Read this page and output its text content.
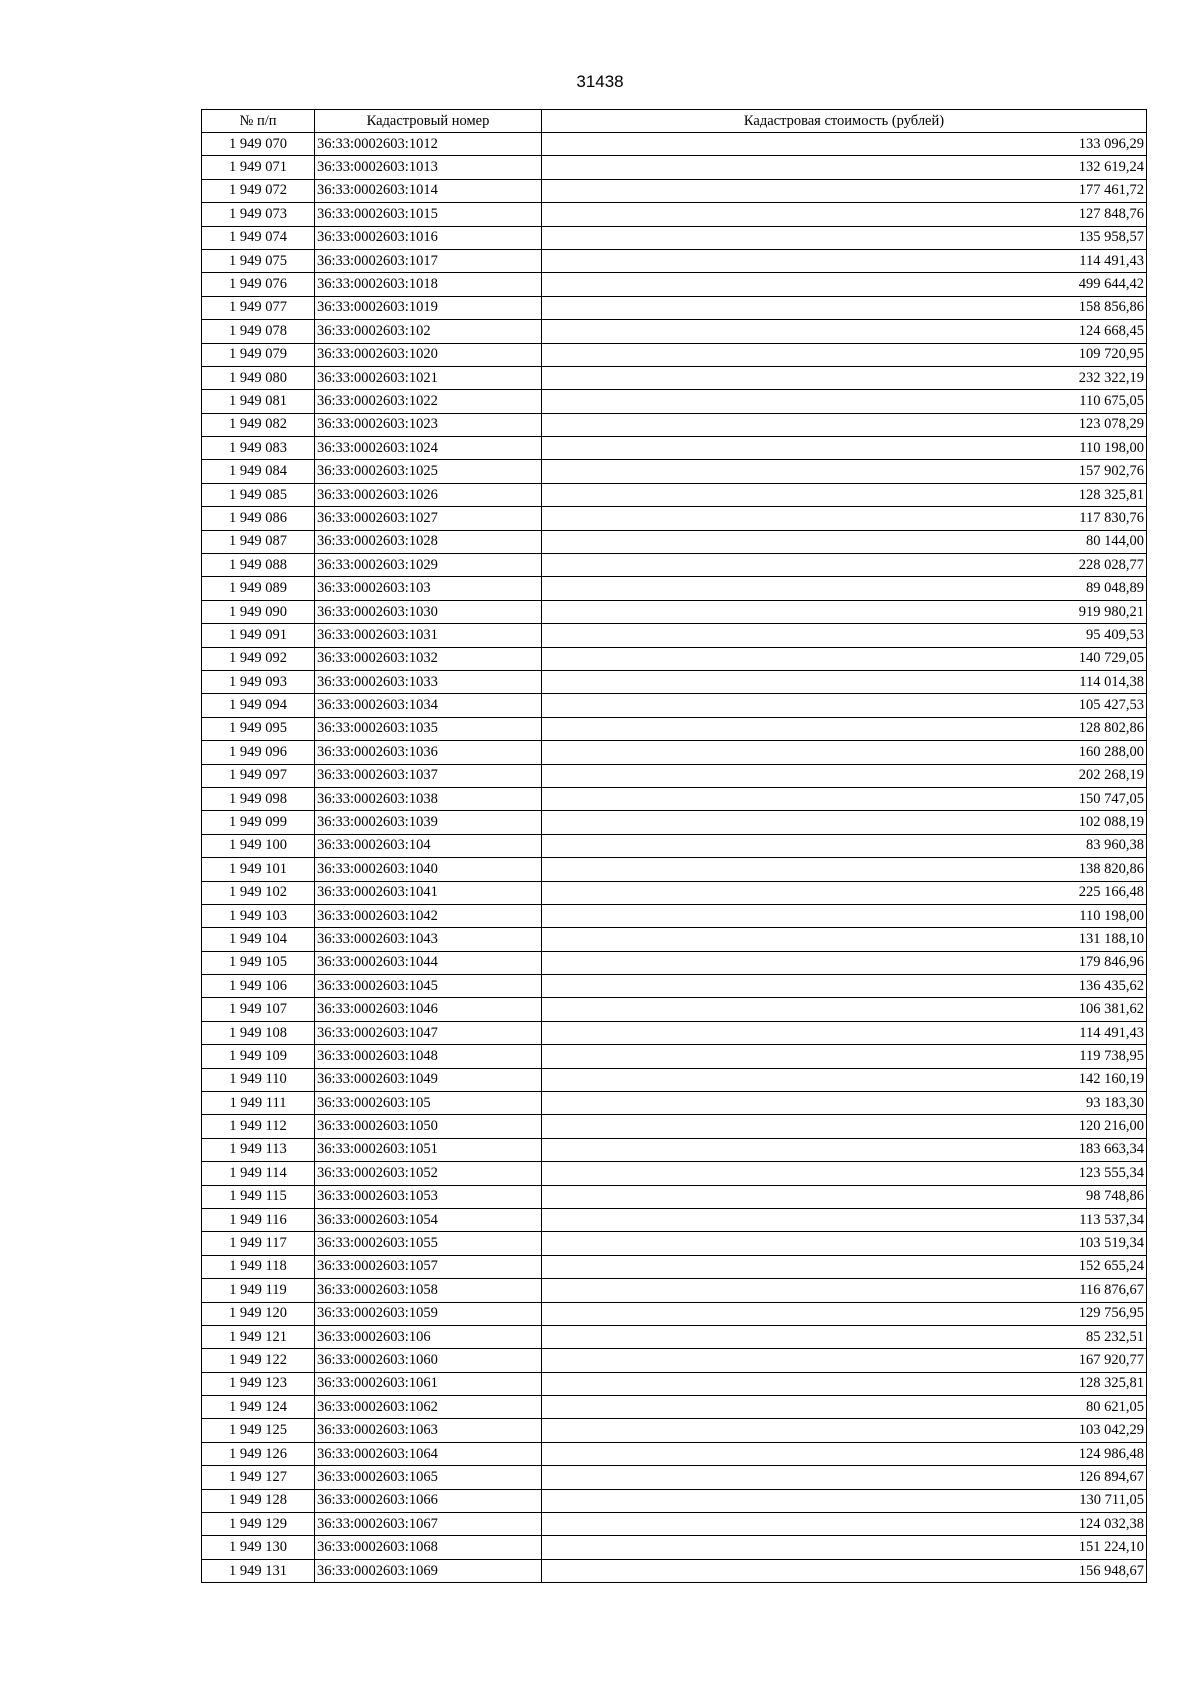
31438
№ п/п	Кадастровый номер	Кадастровая стоимость (рублей)
1 949 070	36:33:0002603:1012	133 096,29
1 949 071	36:33:0002603:1013	132 619,24
1 949 072	36:33:0002603:1014	177 461,72
1 949 073	36:33:0002603:1015	127 848,76
1 949 074	36:33:0002603:1016	135 958,57
1 949 075	36:33:0002603:1017	114 491,43
1 949 076	36:33:0002603:1018	499 644,42
1 949 077	36:33:0002603:1019	158 856,86
1 949 078	36:33:0002603:102	124 668,45
1 949 079	36:33:0002603:1020	109 720,95
1 949 080	36:33:0002603:1021	232 322,19
1 949 081	36:33:0002603:1022	110 675,05
1 949 082	36:33:0002603:1023	123 078,29
1 949 083	36:33:0002603:1024	110 198,00
1 949 084	36:33:0002603:1025	157 902,76
1 949 085	36:33:0002603:1026	128 325,81
1 949 086	36:33:0002603:1027	117 830,76
1 949 087	36:33:0002603:1028	80 144,00
1 949 088	36:33:0002603:1029	228 028,77
1 949 089	36:33:0002603:103	89 048,89
1 949 090	36:33:0002603:1030	919 980,21
1 949 091	36:33:0002603:1031	95 409,53
1 949 092	36:33:0002603:1032	140 729,05
1 949 093	36:33:0002603:1033	114 014,38
1 949 094	36:33:0002603:1034	105 427,53
1 949 095	36:33:0002603:1035	128 802,86
1 949 096	36:33:0002603:1036	160 288,00
1 949 097	36:33:0002603:1037	202 268,19
1 949 098	36:33:0002603:1038	150 747,05
1 949 099	36:33:0002603:1039	102 088,19
1 949 100	36:33:0002603:104	83 960,38
1 949 101	36:33:0002603:1040	138 820,86
1 949 102	36:33:0002603:1041	225 166,48
1 949 103	36:33:0002603:1042	110 198,00
1 949 104	36:33:0002603:1043	131 188,10
1 949 105	36:33:0002603:1044	179 846,96
1 949 106	36:33:0002603:1045	136 435,62
1 949 107	36:33:0002603:1046	106 381,62
1 949 108	36:33:0002603:1047	114 491,43
1 949 109	36:33:0002603:1048	119 738,95
1 949 110	36:33:0002603:1049	142 160,19
1 949 111	36:33:0002603:105	93 183,30
1 949 112	36:33:0002603:1050	120 216,00
1 949 113	36:33:0002603:1051	183 663,34
1 949 114	36:33:0002603:1052	123 555,34
1 949 115	36:33:0002603:1053	98 748,86
1 949 116	36:33:0002603:1054	113 537,34
1 949 117	36:33:0002603:1055	103 519,34
1 949 118	36:33:0002603:1057	152 655,24
1 949 119	36:33:0002603:1058	116 876,67
1 949 120	36:33:0002603:1059	129 756,95
1 949 121	36:33:0002603:106	85 232,51
1 949 122	36:33:0002603:1060	167 920,77
1 949 123	36:33:0002603:1061	128 325,81
1 949 124	36:33:0002603:1062	80 621,05
1 949 125	36:33:0002603:1063	103 042,29
1 949 126	36:33:0002603:1064	124 986,48
1 949 127	36:33:0002603:1065	126 894,67
1 949 128	36:33:0002603:1066	130 711,05
1 949 129	36:33:0002603:1067	124 032,38
1 949 130	36:33:0002603:1068	151 224,10
1 949 131	36:33:0002603:1069	156 948,67
